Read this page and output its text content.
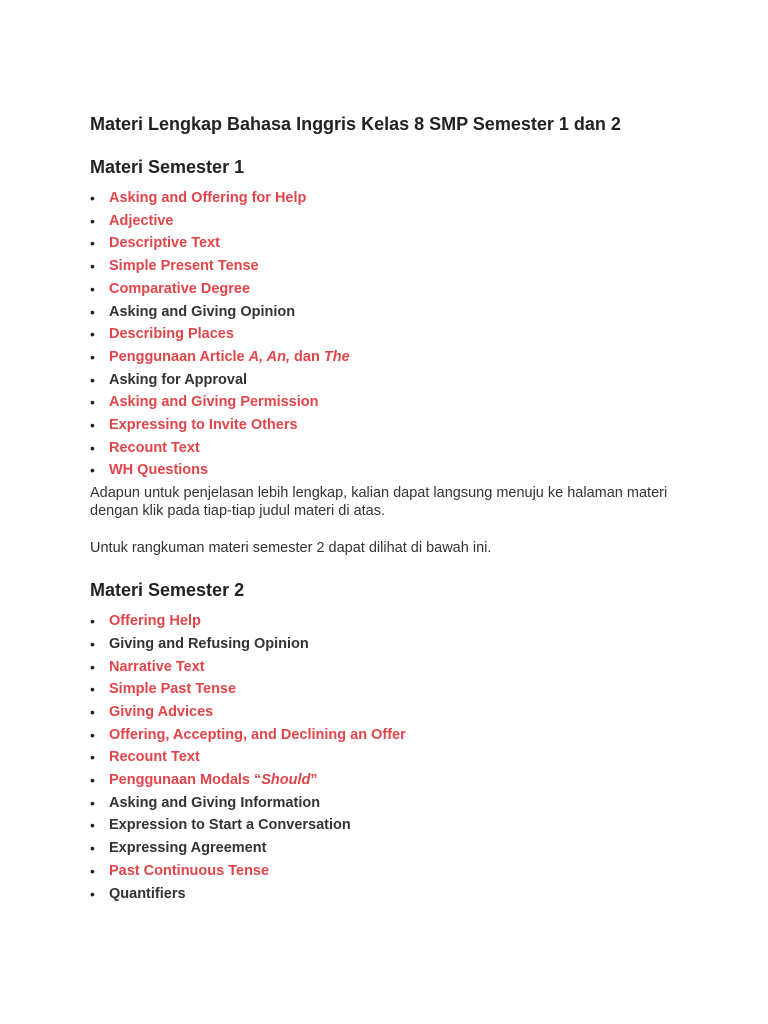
Materi Lengkap Bahasa Inggris Kelas 8 SMP Semester 1 dan 2
Materi Semester 1
• Asking and Offering for Help
• Adjective
• Descriptive Text
• Simple Present Tense
• Comparative Degree
• Asking and Giving Opinion
• Describing Places
• Penggunaan Article A, An, dan The
• Asking for Approval
• Asking and Giving Permission
• Expressing to Invite Others
• Recount Text
• WH Questions

Adapun untuk penjelasan lebih lengkap, kalian dapat langsung menuju ke halaman materi dengan klik pada tiap-tiap judul materi di atas.

Untuk rangkuman materi semester 2 dapat dilihat di bawah ini.

Materi Semester 2
• Offering Help
• Giving and Refusing Opinion
• Narrative Text
• Simple Past Tense
• Giving Advices
• Offering, Accepting, and Declining an Offer
• Recount Text
• Penggunaan Modals “Should”
• Asking and Giving Information
• Expression to Start a Conversation
• Expressing Agreement
• Past Continuous Tense
• Quantifiers
